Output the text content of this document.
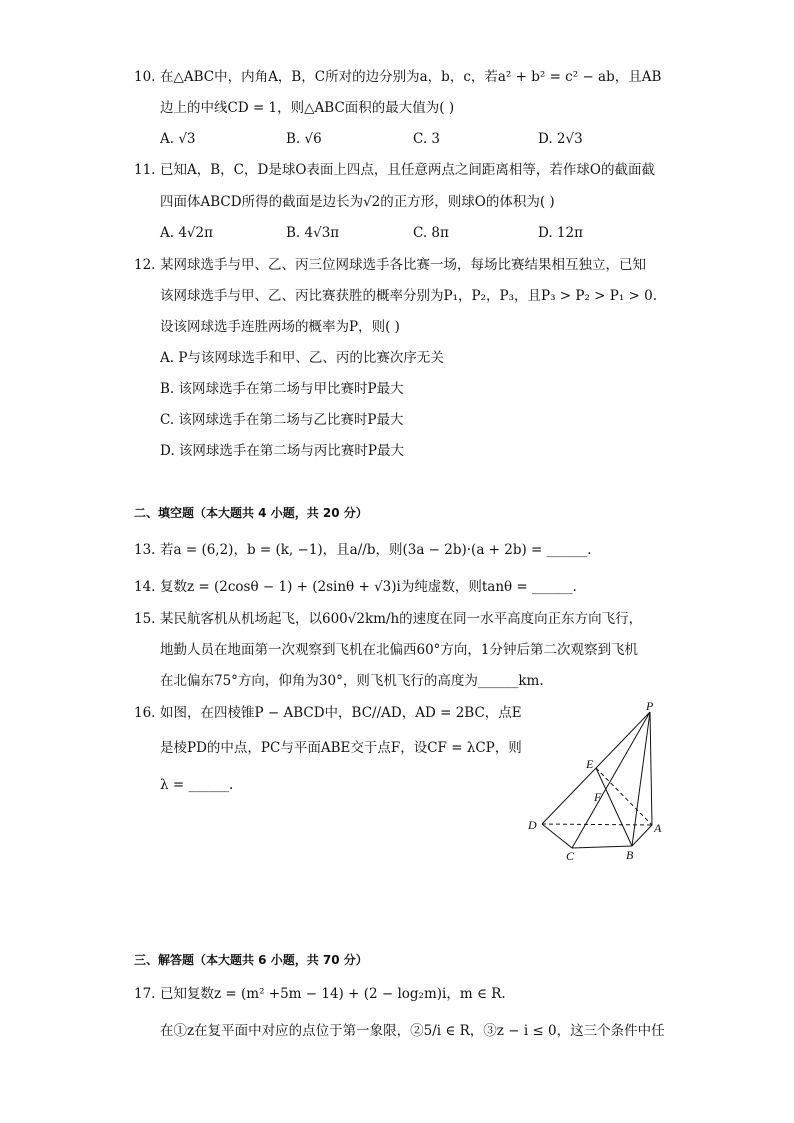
10. 在△ABC中，内角A，B，C所对的边分别为a，b，c，若a² + b² = c² − ab，且AB
边上的中线CD = 1，则△ABC面积的最大值为( )
A. √3	B. √6	C. 3	D. 2√3
11. 已知A，B，C，D是球O表面上四点，且任意两点之间距离相等，若作球O的截面截
四面体ABCD所得的截面是边长为√2的正方形，则球O的体积为( )
A. 4√2π	B. 4√3π	C. 8π	D. 12π
12. 某网球选手与甲、乙、丙三位网球选手各比赛一场，每场比赛结果相互独立，已知
该网球选手与甲、乙、丙比赛获胜的概率分别为P₁，P₂，P₃，且P₃ > P₂ > P₁ > 0.
设该网球选手连胜两场的概率为P，则( )
A. P与该网球选手和甲、乙、丙的比赛次序无关
B. 该网球选手在第二场与甲比赛时P最大
C. 该网球选手在第二场与乙比赛时P最大
D. 该网球选手在第二场与丙比赛时P最大
二、填空题（本大题共 4 小题，共 20 分）
13. 若a = (6,2)，b = (k, −1)，且a//b，则(3a − 2b)·(a + 2b) = ______.
14. 复数z = (2cosθ − 1) + (2sinθ + √3)i为纯虚数，则tanθ = ______.
15. 某民航客机从机场起飞，以600√2km/h的速度在同一水平高度向正东方向飞行，
地勤人员在地面第一次观察到飞机在北偏西60°方向，1分钟后第二次观察到飞机
在北偏东75°方向，仰角为30°，则飞机飞行的高度为______km.
16. 如图，在四棱锥P − ABCD中，BC//AD，AD = 2BC，点E
是棱PD的中点，PC与平面ABE交于点F，设CF = λCP，则
λ = ______.
P
E
F
D	A
C	B
三、解答题（本大题共 6 小题，共 70 分）
17. 已知复数z = (m² +5m − 14) + (2 − log₂m)i，m ∈ R.
在①z在复平面中对应的点位于第一象限，②5/i ∈ R，③z − i ≤ 0，这三个条件中任
